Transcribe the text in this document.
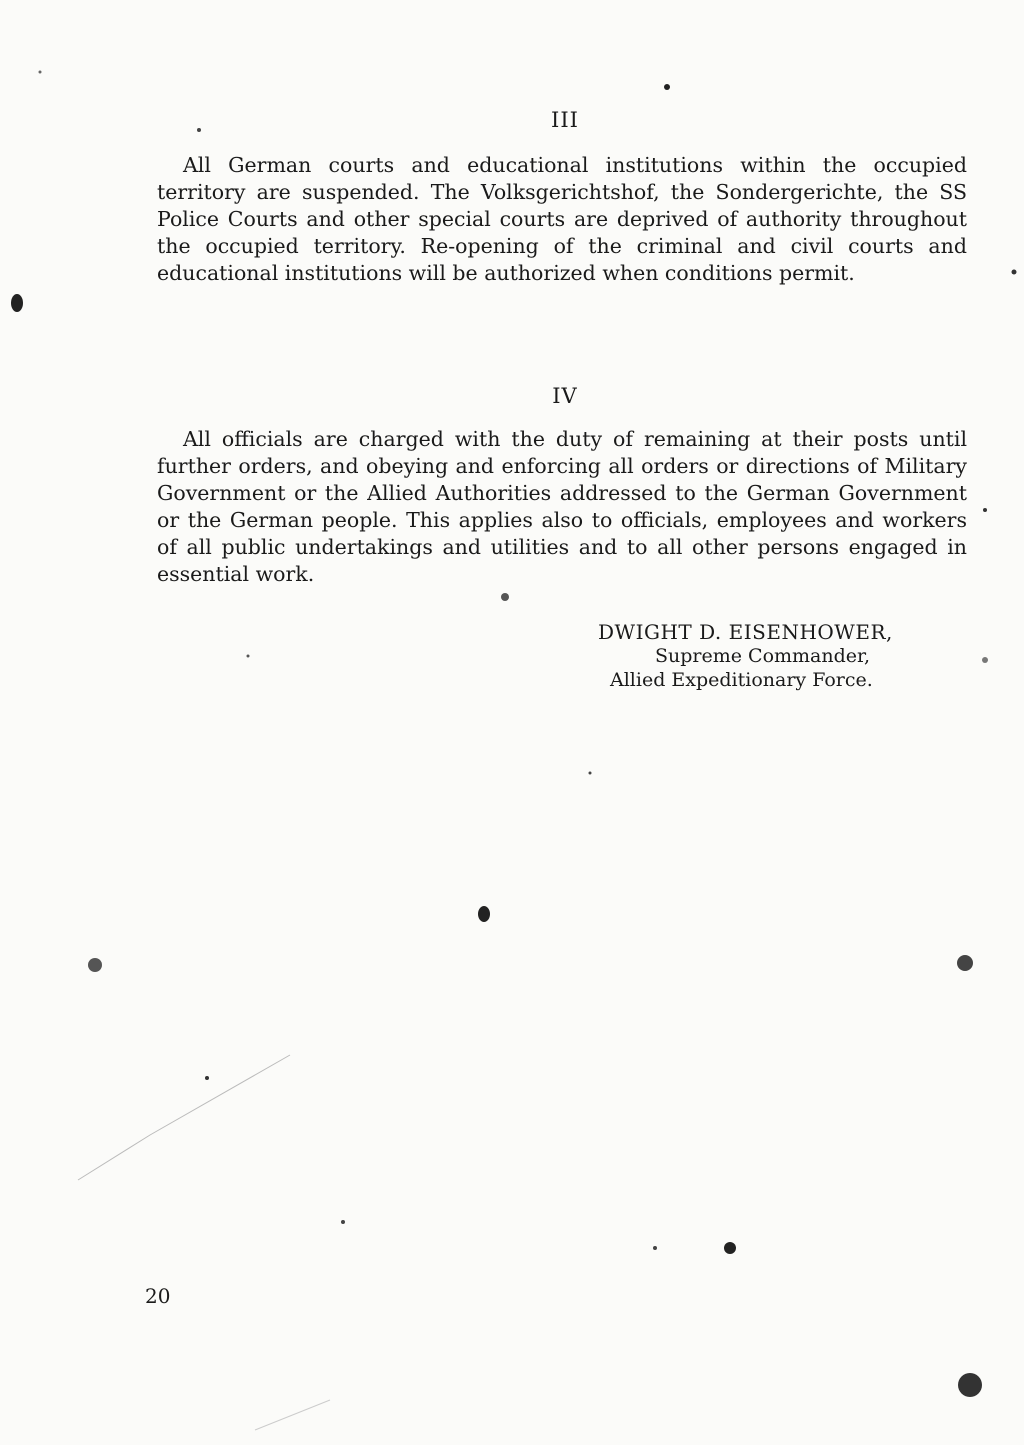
III
All German courts and educational institutions within the occupied territory are suspended. The Volksgerichtshof, the Sondergerichte, the SS Police Courts and other special courts are deprived of authority throughout the occupied territory. Re-opening of the criminal and civil courts and educational institutions will be authorized when conditions permit.
IV
All officials are charged with the duty of remaining at their posts until further orders, and obeying and enforcing all orders or directions of Military Government or the Allied Authorities addressed to the German Government or the German people. This applies also to officials, employees and workers of all public undertakings and utilities and to all other persons engaged in essential work.
DWIGHT D. EISENHOWER,
Supreme Commander,
Allied Expeditionary Force.
20
